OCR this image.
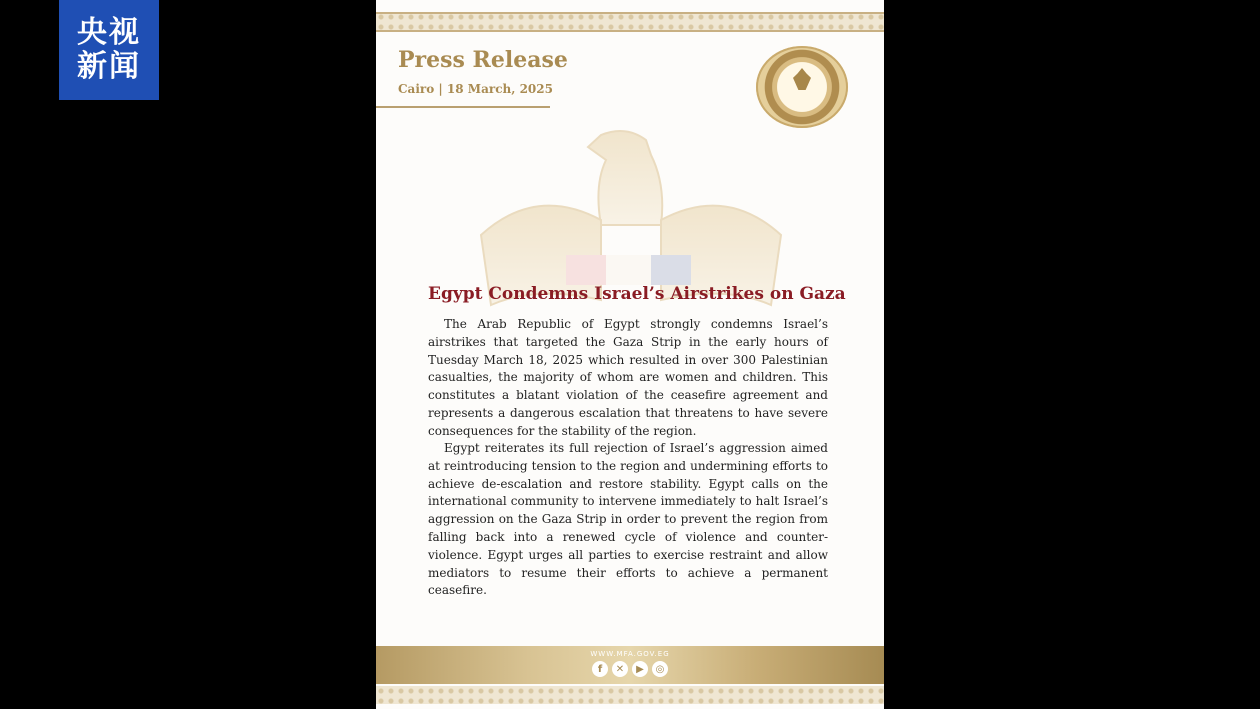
央视
新闻	Press Release
Cairo | 18 March, 2025
Egypt Condemns Israel’s Airstrikes on Gaza

The Arab Republic of Egypt strongly condemns Israel’s airstrikes that targeted the Gaza Strip in the early hours of Tuesday March 18, 2025 which resulted in over 300 Palestinian casualties, the majority of whom are women and children. This constitutes a blatant violation of the ceasefire agreement and represents a dangerous escalation that threatens to have severe consequences for the stability of the region.

Egypt reiterates its full rejection of Israel’s aggression aimed at reintroducing tension to the region and undermining efforts to achieve de-escalation and restore stability. Egypt calls on the international community to intervene immediately to halt Israel’s aggression on the Gaza Strip in order to prevent the region from falling back into a renewed cycle of violence and counter-violence. Egypt urges all parties to exercise restraint and allow mediators to resume their efforts to achieve a permanent ceasefire.

WWW.MFA.GOV.EG
f	✕	▶	◎
